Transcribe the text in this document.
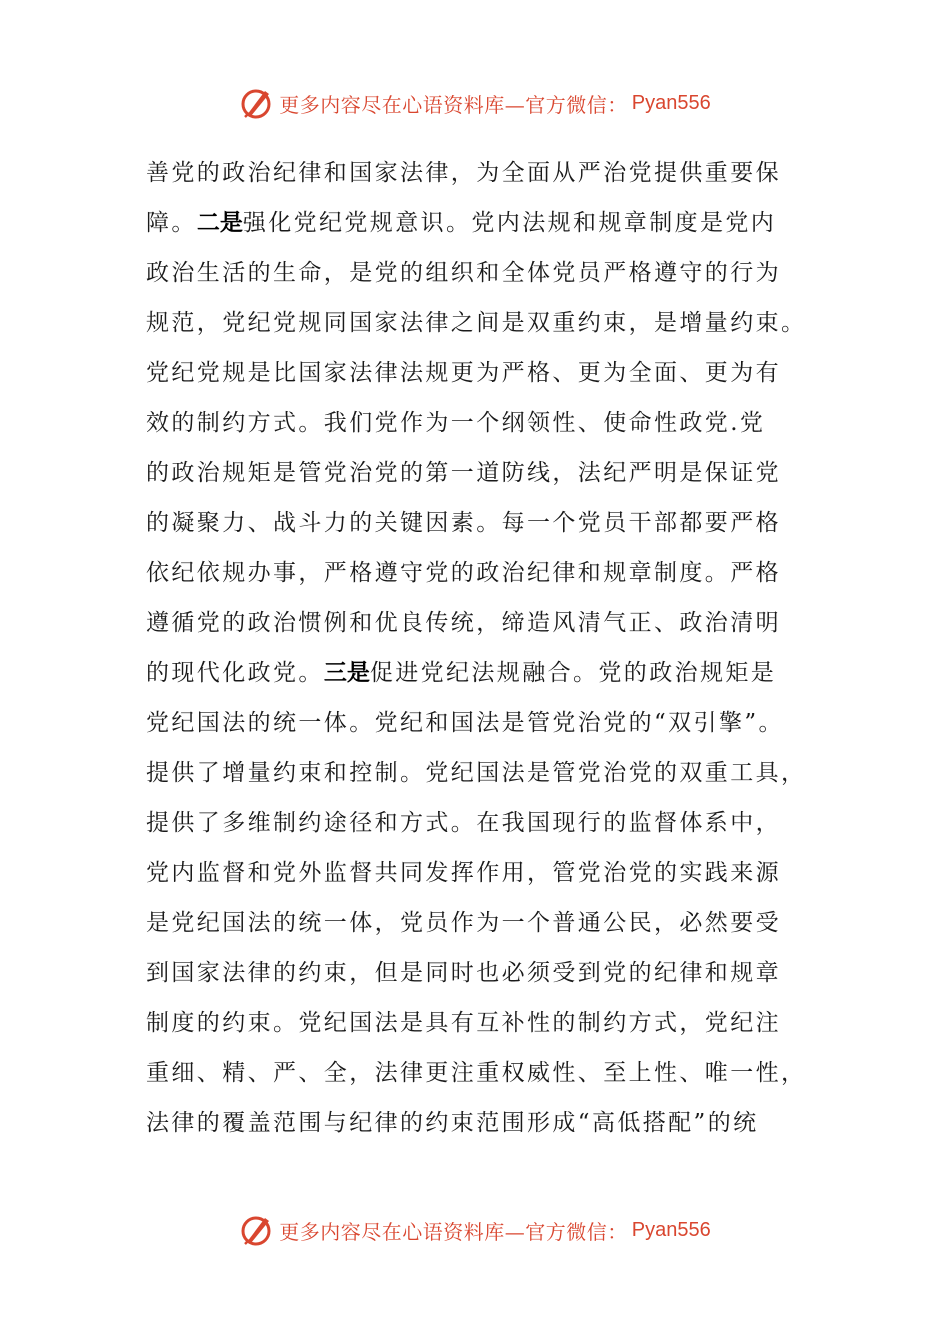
更多内容尽在心语资料库—官方微信： Pyan556
善党的政治纪律和国家法律，为全面从严治党提供重要保
障。二是强化党纪党规意识。党内法规和规章制度是党内
政治生活的生命，是党的组织和全体党员严格遵守的行为
规范，党纪党规同国家法律之间是双重约束，是增量约束。
党纪党规是比国家法律法规更为严格、更为全面、更为有
效的制约方式。我们党作为一个纲领性、使命性政党.党
的政治规矩是管党治党的第一道防线，法纪严明是保证党
的凝聚力、战斗力的关键因素。每一个党员干部都要严格
依纪依规办事，严格遵守党的政治纪律和规章制度。严格
遵循党的政治惯例和优良传统，缔造风清气正、政治清明
的现代化政党。三是促进党纪法规融合。党的政治规矩是
党纪国法的统一体。党纪和国法是管党治党的“双引擎”。
提供了增量约束和控制。党纪国法是管党治党的双重工具，
提供了多维制约途径和方式。在我国现行的监督体系中，
党内监督和党外监督共同发挥作用，管党治党的实践来源
是党纪国法的统一体，党员作为一个普通公民，必然要受
到国家法律的约束，但是同时也必须受到党的纪律和规章
制度的约束。党纪国法是具有互补性的制约方式，党纪注
重细、精、严、全，法律更注重权威性、至上性、唯一性，
法律的覆盖范围与纪律的约束范围形成“高低搭配”的统
更多内容尽在心语资料库—官方微信： Pyan556
